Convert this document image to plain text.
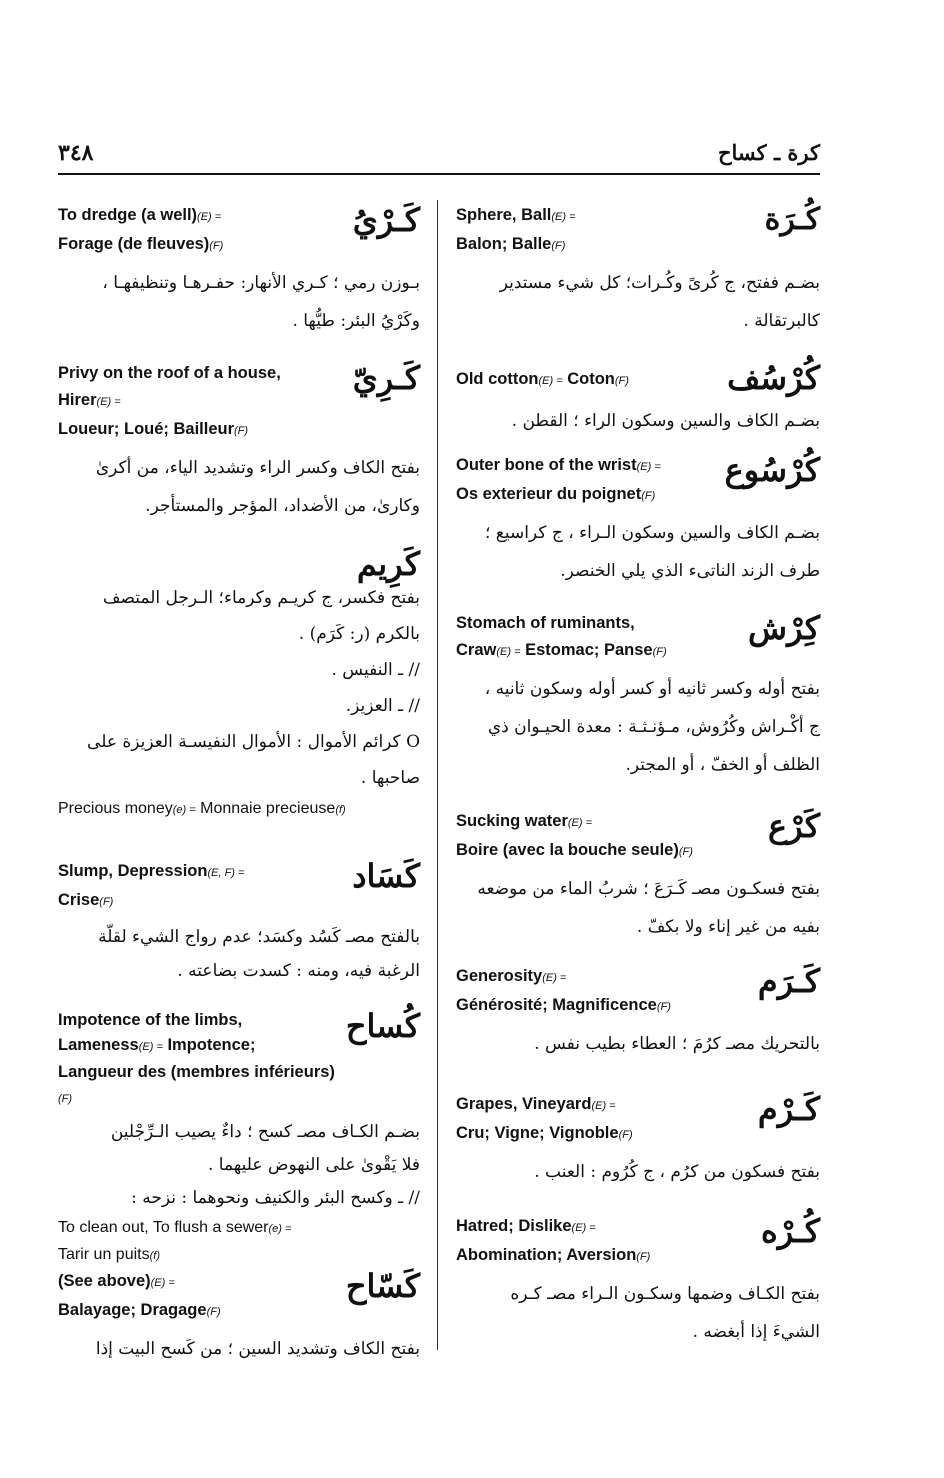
٣٤٨	كرة ـ كساح
Sphere, Ball(E) =
Balon; Balle(F)
كُـرَة
بضـم ففتح، ج كُرىً وكُـرات؛ كل شيء مستدير
كالبرتقالة .
Old cotton(E) = Coton(F)	كُرْسُف
بضـم الكاف والسين وسكون الراء ؛ القطن .
Outer bone of the wrist(E) =
Os exterieur du poignet(F)
كُرْسُوع
بضـم الكاف والسين وسكون الـراء ، ج كراسيع ؛
طرف الزند الناتىء الذي يلي الخنصر.
Stomach of ruminants,
Craw(E) = Estomac; Panse(F)
كِرْش
بفتح أوله وكسر ثانيه أو كسر أوله وسكون ثانيه ،
ج أكْـراش وكُرُوش، مـؤنـثـة : معدة الحيـوان ذي
الظلف أو الخفّ ، أو المجتر.
Sucking water(E) =
Boire (avec la bouche seule)(F)
كَرْع
بفتح فسكـون مصـ كَـرَعَ ؛ شربُ الماء من موضعه
بفيه من غير إناء ولا بكفّ .
Generosity(E) =
Générosité; Magnificence(F)
كَـرَم
بالتحريك مصـ كرُمَ ؛ العطاء بطيب نفس .
Grapes, Vineyard(E) =
Cru; Vigne; Vignoble(F)
كَـرْم
بفتح فسكون من كرُم ، ج كُرُوم : العنب .
Hatred; Dislike(E) =
Abomination; Aversion(F)
كُـرْه
بفتح الكـاف وضمها وسكـون الـراء مصـ كـره
الشيءَ إذا أبغضه .
To dredge (a well)(E) =
Forage (de fleuves)(F)
كَـرْيُ
بـوزن رمي ؛ كـري الأنهار: حفـرهـا وتنظيفهـا ،
وكَرْيُ البئر: طيُّها .
Privy on the roof of a house,
Hirer(E) =
Loueur; Loué; Bailleur(F)
كَـرِيّ
بفتح الكاف وكسر الراء وتشديد الياء، من أكرىٰ
وكارىٰ، من الأضداد، المؤجر والمستأجر.
كَرِيم
بفتح فكسر، ج كريـم وكرماء؛ الـرجل المتصف
بالكرم (ر: كَرَم) .
// ـ النفيس .
// ـ العزيز.
O كرائم الأموال : الأموال النفيسـة العزيزة على
صاحبها .
Precious money(e) = Monnaie precieuse(f)
Slump, Depression(E, F) =
Crise(F)
كَسَاد
بالفتح مصـ كَسُد وكسَد؛ عدم رواج الشيء لقلّة
الرغبة فيه، ومنه : كسدت بضاعته .
Impotence of the limbs,
Lameness(E) = Impotence;
Langueur des (membres inférieurs)(F)
كُساح
بضـم الكـاف مصـ كسح ؛ داءٌ يصيب الـرِّجْلين
فلا يَقْوىٰ على النهوض عليهما .
// ـ وكسح البئر والكنيف ونحوهما : نزحه :
To clean out, To flush a sewer(e) =
Tarir un puits(f)
(See above)(E) =
Balayage; Dragage(F)
كَسّاح
بفتح الكاف وتشديد السين ؛ من كَسح البيت إذا
